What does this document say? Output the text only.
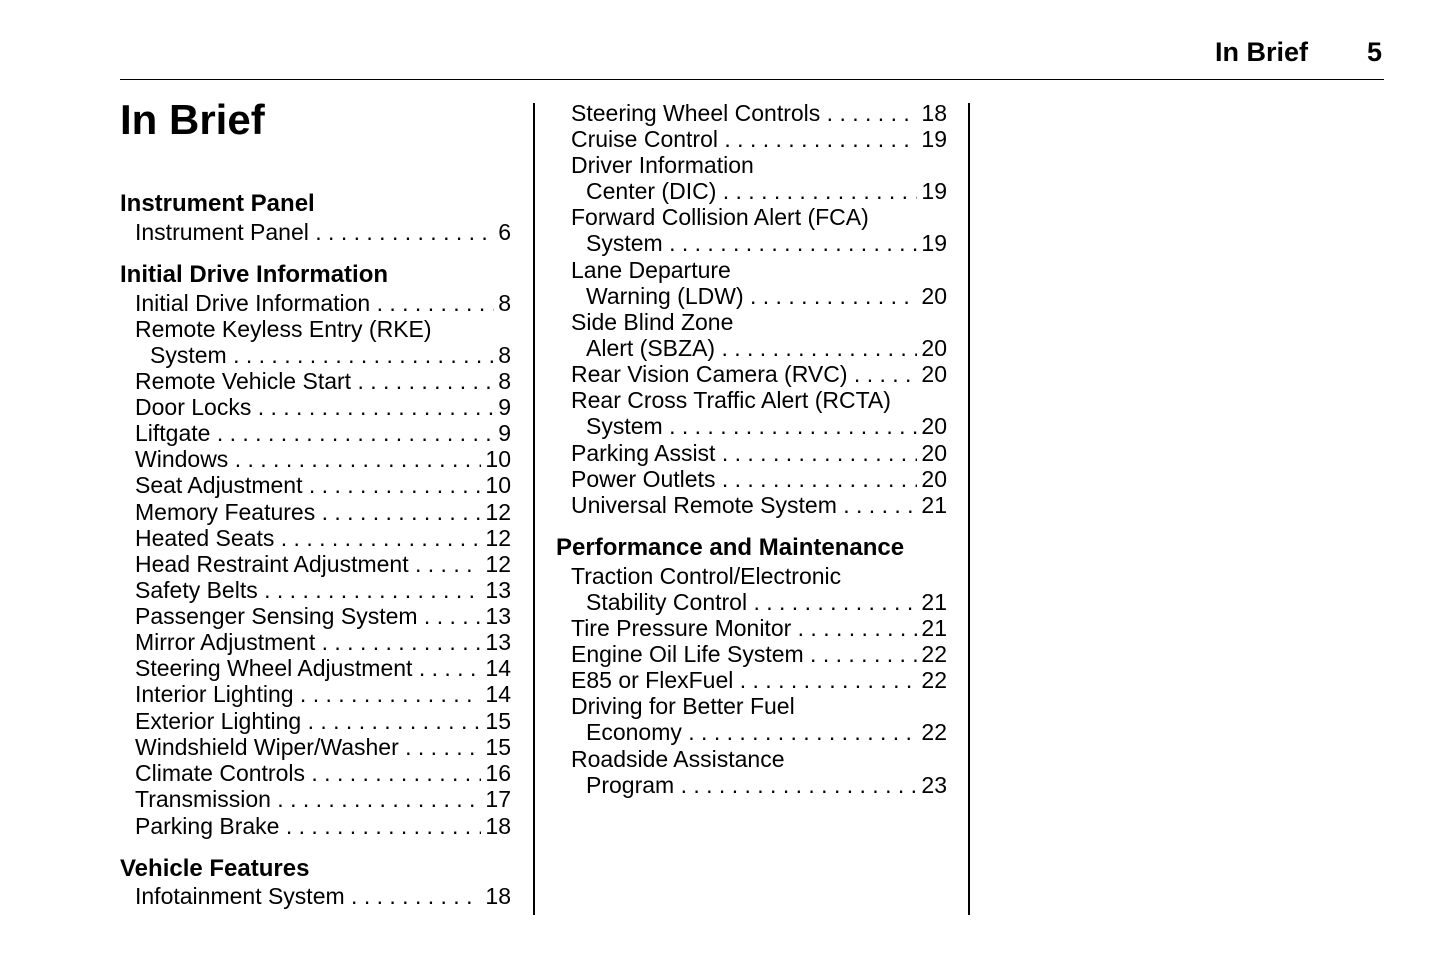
In Brief 5
In Brief
Instrument Panel
Instrument Panel . . .	6
Initial Drive Information
Initial Drive Information . . .	8
Remote Keyless Entry (RKE)
System . . .	8
Remote Vehicle Start . . .	8
Door Locks . . .	9
Liftgate . . .	9
Windows . . .	10
Seat Adjustment . . .	10
Memory Features . . .	12
Heated Seats . . .	12
Head Restraint Adjustment . . .	12
Safety Belts . . .	13
Passenger Sensing System . . .	13
Mirror Adjustment . . .	13
Steering Wheel Adjustment . . .	14
Interior Lighting . . .	14
Exterior Lighting . . .	15
Windshield Wiper/Washer . . .	15
Climate Controls . . .	16
Transmission . . .	17
Parking Brake . . .	18
Vehicle Features
Infotainment System . . .	18
Steering Wheel Controls . . .	18
Cruise Control . . .	19
Driver Information
Center (DIC) . . .	19
Forward Collision Alert (FCA)
System . . .	19
Lane Departure
Warning (LDW) . . .	20
Side Blind Zone
Alert (SBZA) . . .	20
Rear Vision Camera (RVC) . . .	20
Rear Cross Traffic Alert (RCTA)
System . . .	20
Parking Assist . . .	20
Power Outlets . . .	20
Universal Remote System . . .	21
Performance and Maintenance
Traction Control/Electronic
Stability Control . . .	21
Tire Pressure Monitor . . .	21
Engine Oil Life System . . .	22
E85 or FlexFuel . . .	22
Driving for Better Fuel
Economy . . .	22
Roadside Assistance
Program . . .	23
